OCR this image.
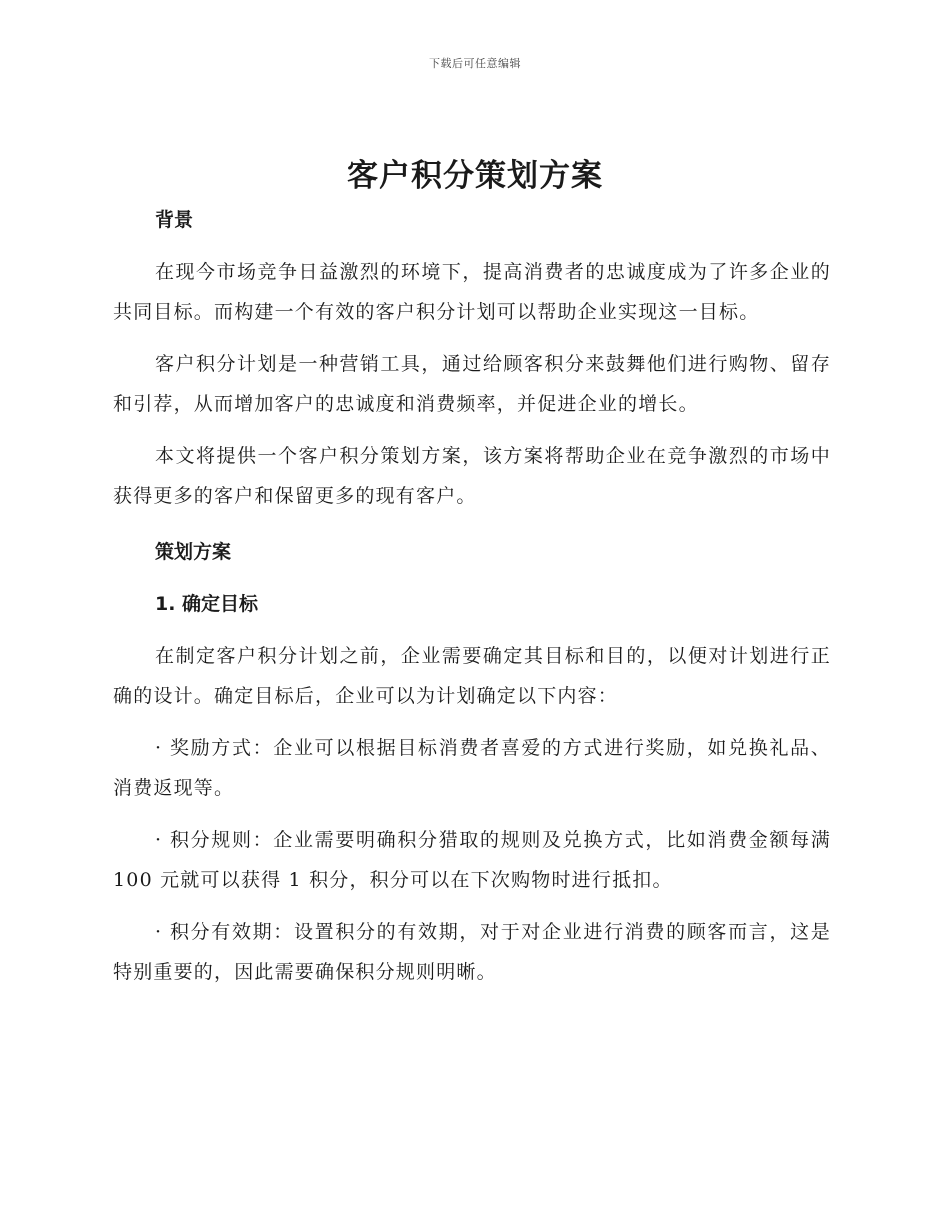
下载后可任意编辑
客户积分策划方案
背景

在现今市场竞争日益激烈的环境下，提高消费者的忠诚度成为了许多企业的共同目标。而构建一个有效的客户积分计划可以帮助企业实现这一目标。

客户积分计划是一种营销工具，通过给顾客积分来鼓舞他们进行购物、留存和引荐，从而增加客户的忠诚度和消费频率，并促进企业的增长。

本文将提供一个客户积分策划方案，该方案将帮助企业在竞争激烈的市场中获得更多的客户和保留更多的现有客户。

策划方案
1. 确定目标

在制定客户积分计划之前，企业需要确定其目标和目的，以便对计划进行正确的设计。确定目标后，企业可以为计划确定以下内容：

· 奖励方式：企业可以根据目标消费者喜爱的方式进行奖励，如兑换礼品、消费返现等。

· 积分规则：企业需要明确积分猎取的规则及兑换方式，比如消费金额每满 100 元就可以获得 1 积分，积分可以在下次购物时进行抵扣。

· 积分有效期：设置积分的有效期，对于对企业进行消费的顾客而言，这是特别重要的，因此需要确保积分规则明晰。
